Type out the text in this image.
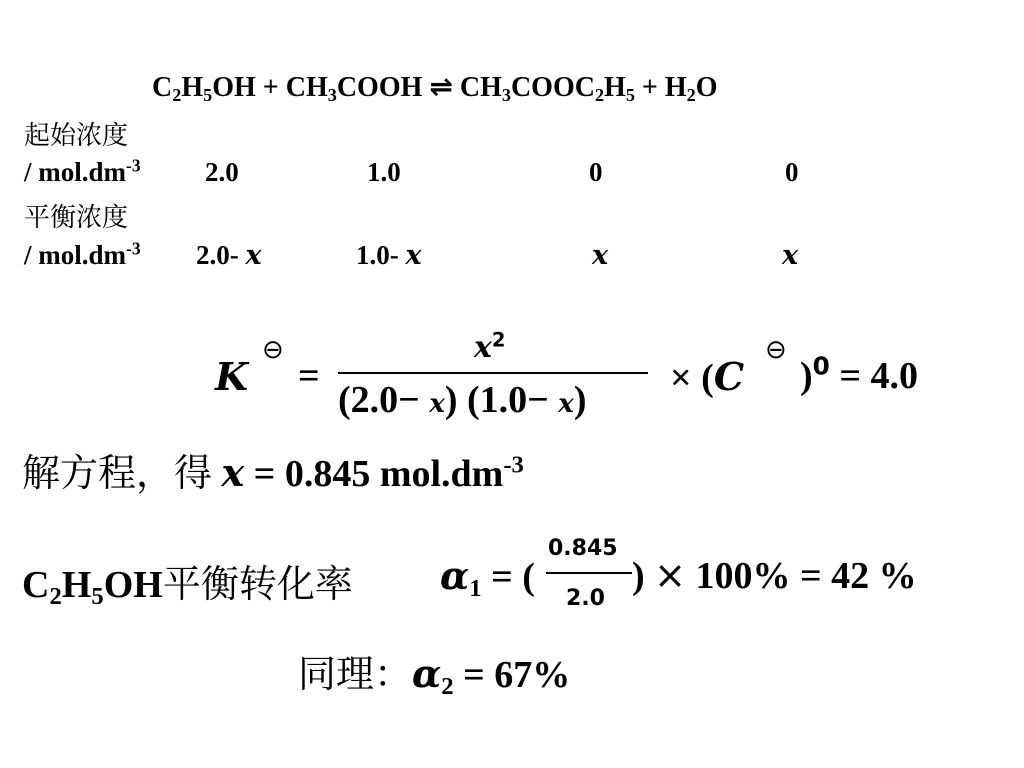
$C_2H_5OH$ + $CH_3COOH$ ⇌ $CH_3COOC_2H_5 + H_2O$
起始浓度
/ $mol.dm^{-3}$ 2.0	1.0	0	0
平衡浓度
/ $mol.dm^{-3}$ 2.0- x	1.0- x	x	x
K
⊖
=
$x^2$
(2.0− x) (1.0− x)
× (C
⊖
)$^0$ = 4.0
解方程，得 x = 0.845 $mol.dm^{-3}$
$C_2H_5OH$平衡转化率 $\alpha_1$ = (
0.845
2.0
) × 100% = 42 %
同理：$\alpha_2 = 67\%$
